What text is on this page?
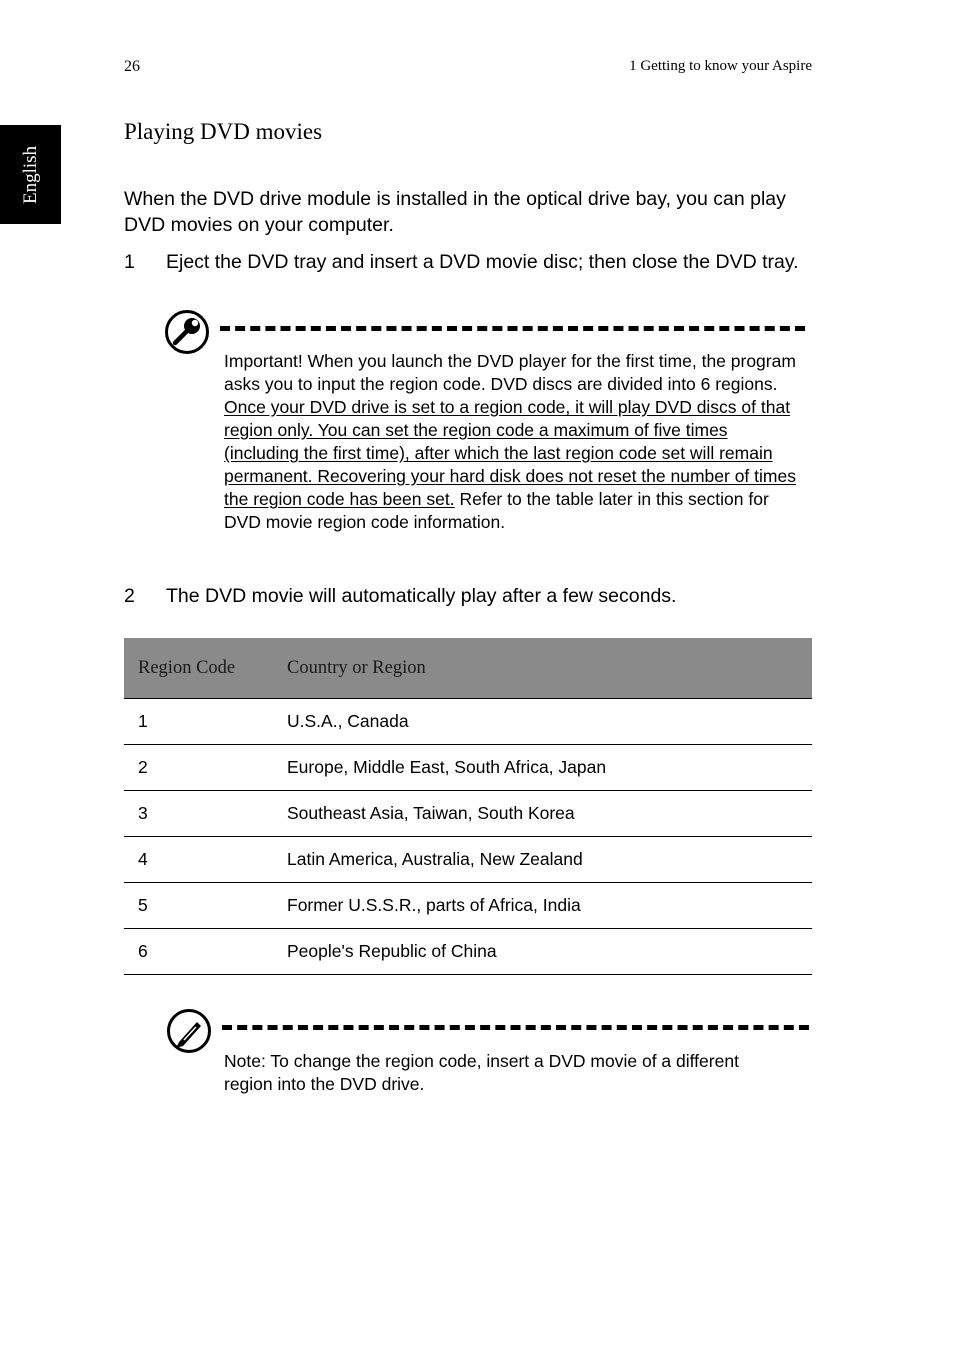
26	1 Getting to know your Aspire
English
Playing DVD movies

When the DVD drive module is installed in the optical drive bay, you can play DVD movies on your computer.

1 Eject the DVD tray and insert a DVD movie disc; then close the DVD tray.
Important! When you launch the DVD player for the first time, the program asks you to input the region code. DVD discs are divided into 6 regions. Once your DVD drive is set to a region code, it will play DVD discs of that region only. You can set the region code a maximum of five times (including the first time), after which the last region code set will remain permanent. Recovering your hard disk does not reset the number of times the region code has been set. Refer to the table later in this section for DVD movie region code information.
2 The DVD movie will automatically play after a few seconds.
Region Code	Country or Region
1	U.S.A., Canada
2	Europe, Middle East, South Africa, Japan
3	Southeast Asia, Taiwan, South Korea
4	Latin America, Australia, New Zealand
5	Former U.S.S.R., parts of Africa, India
6	People's Republic of China
Note: To change the region code, insert a DVD movie of a different region into the DVD drive.
